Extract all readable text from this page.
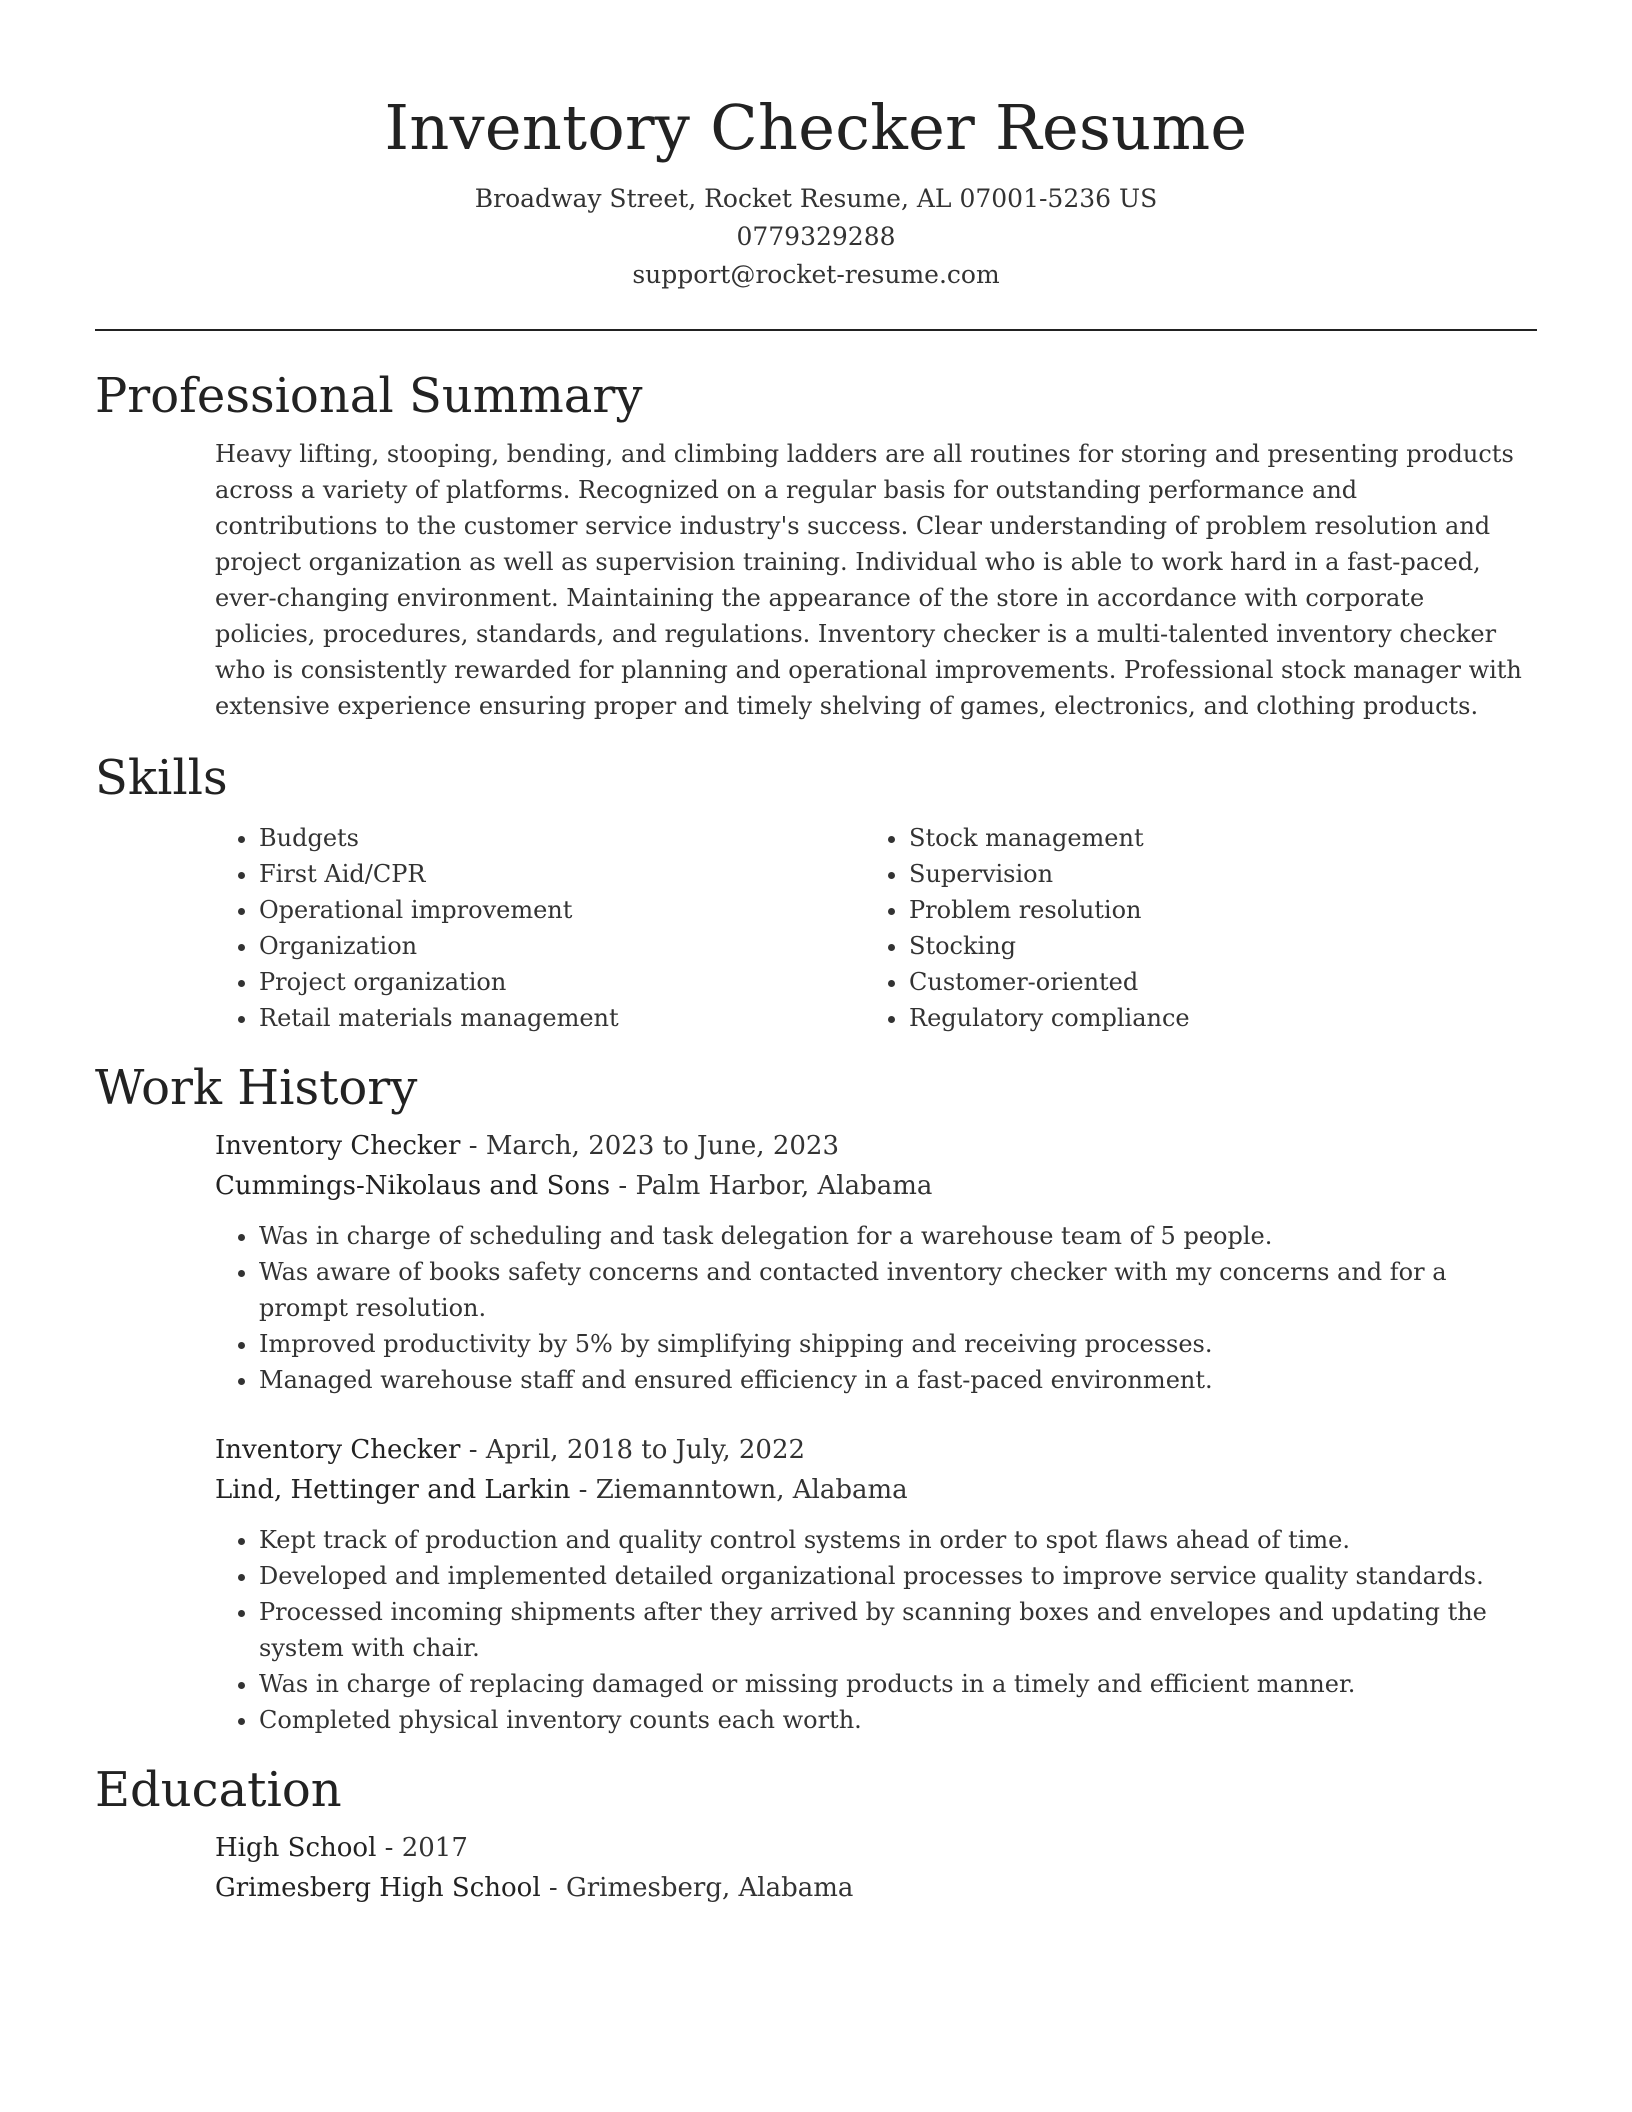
Inventory Checker Resume

Broadway Street, Rocket Resume, AL 07001-5236 US

0779329288

support@rocket-resume.com

Professional Summary

Heavy lifting, stooping, bending, and climbing ladders are all routines for storing and presenting products across a variety of platforms. Recognized on a regular basis for outstanding performance and contributions to the customer service industry's success. Clear understanding of problem resolution and project organization as well as supervision training. Individual who is able to work hard in a fast-paced, ever-changing environment. Maintaining the appearance of the store in accordance with corporate policies, procedures, standards, and regulations. Inventory checker is a multi-talented inventory checker who is consistently rewarded for planning and operational improvements. Professional stock manager with extensive experience ensuring proper and timely shelving of games, electronics, and clothing products.

Skills
• Budgets
• First Aid/CPR
• Operational improvement
• Organization
• Project organization
• Retail materials management
• Stock management
• Supervision
• Problem resolution
• Stocking
• Customer-oriented
• Regulatory compliance
Work History

Inventory Checker - March, 2023 to June, 2023

Cummings-Nikolaus and Sons - Palm Harbor, Alabama

• Was in charge of scheduling and task delegation for a warehouse team of 5 people.
• Was aware of books safety concerns and contacted inventory checker with my concerns and for a prompt resolution.
• Improved productivity by 5% by simplifying shipping and receiving processes.
• Managed warehouse staff and ensured efficiency in a fast-paced environment.

Inventory Checker - April, 2018 to July, 2022

Lind, Hettinger and Larkin - Ziemanntown, Alabama

• Kept track of production and quality control systems in order to spot flaws ahead of time.
• Developed and implemented detailed organizational processes to improve service quality standards.
• Processed incoming shipments after they arrived by scanning boxes and envelopes and updating the system with chair.
• Was in charge of replacing damaged or missing products in a timely and efficient manner.
• Completed physical inventory counts each worth.
Education

High School - 2017

Grimesberg High School - Grimesberg, Alabama
